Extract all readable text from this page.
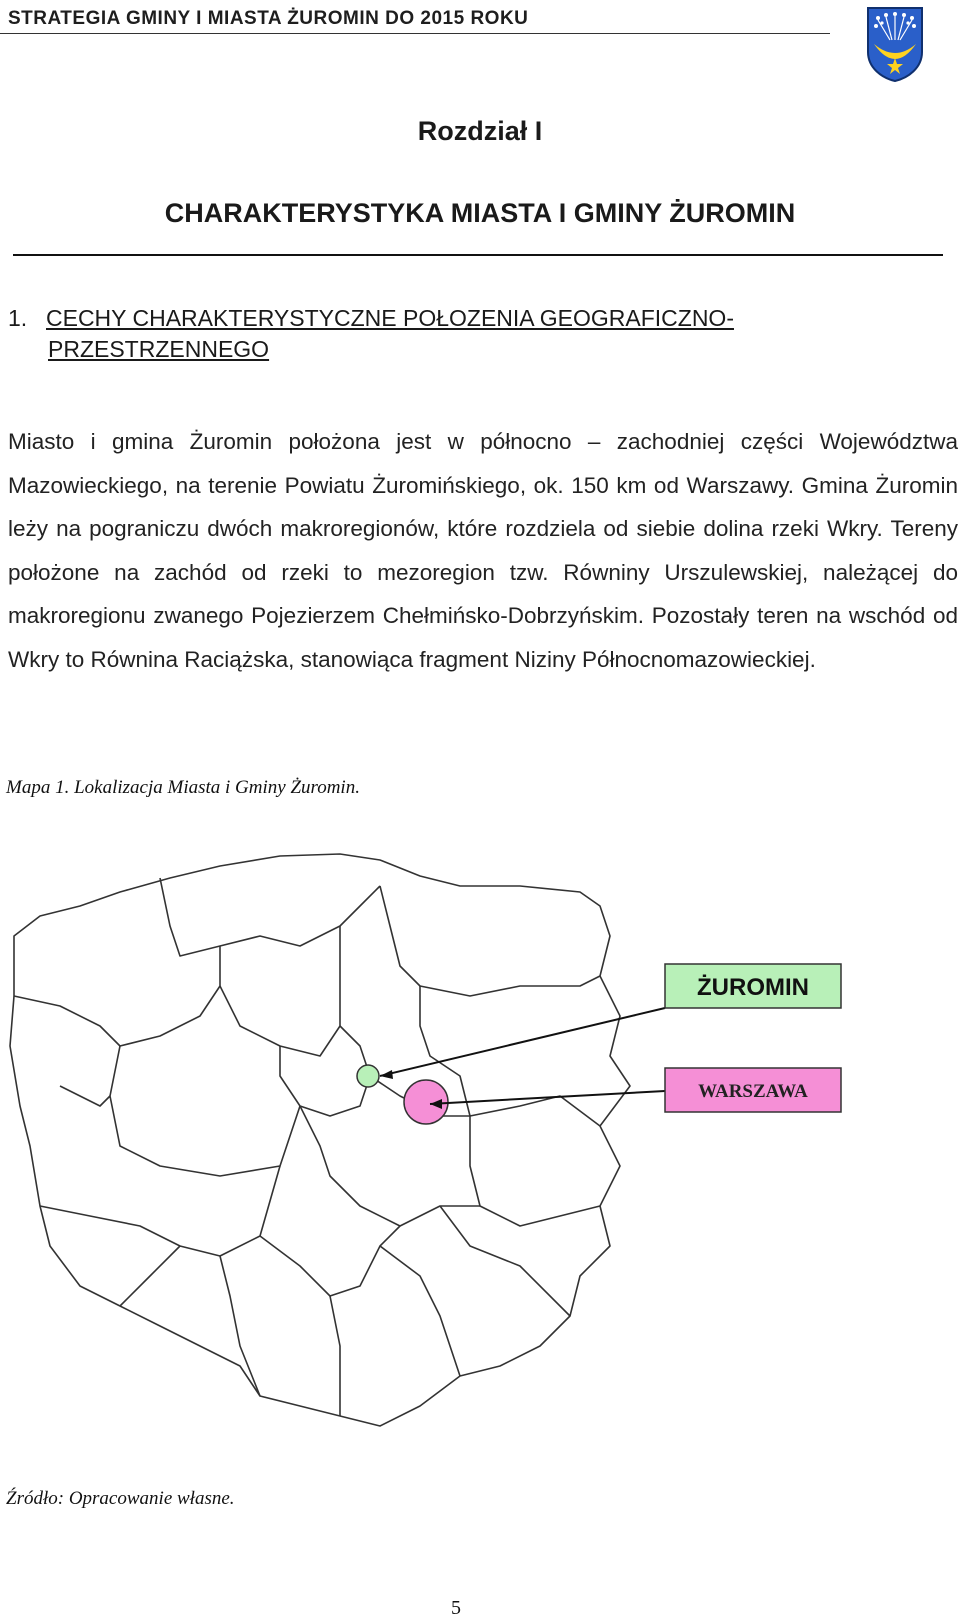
STRATEGIA GMINY I MIASTA ŻUROMIN DO 2015 ROKU
Rozdział I
CHARAKTERYSTYKA MIASTA I GMINY ŻUROMIN
1. CECHY CHARAKTERYSTYCZNE POŁOZENIA GEOGRAFICZNO-
PRZESTRZENNEGO
Miasto i gmina Żuromin położona jest w północno – zachodniej części Województwa Mazowieckiego, na terenie Powiatu Żuromińskiego, ok. 150 km od Warszawy. Gmina Żuromin leży na pograniczu dwóch makroregionów, które rozdziela od siebie dolina rzeki Wkry. Tereny położone na zachód od rzeki to mezoregion tzw. Równiny Urszulewskiej, należącej do makroregionu zwanego Pojezierzem Chełmińsko-Dobrzyńskim. Pozostały teren na wschód od Wkry to Równina Raciążska, stanowiąca fragment Niziny Północnomazowieckiej.
Mapa 1. Lokalizacja Miasta i Gminy Żuromin.
ŻUROMIN
WARSZAWA
Źródło: Opracowanie własne.
5
